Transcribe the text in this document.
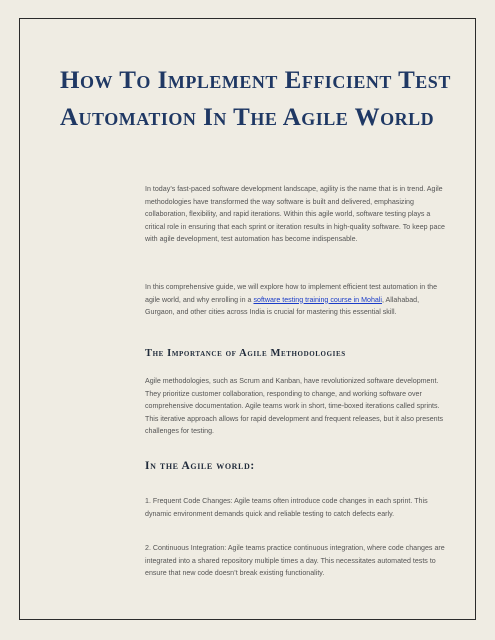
How To Implement Efficient Test Automation In The Agile World

In today’s fast-paced software development landscape, agility is the name that is in trend. Agile methodologies have transformed the way software is built and delivered, emphasizing collaboration, flexibility, and rapid iterations. Within this agile world, software testing plays a critical role in ensuring that each sprint or iteration results in high-quality software. To keep pace with agile development, test automation has become indispensable.

In this comprehensive guide, we will explore how to implement efficient test automation in the agile world, and why enrolling in a software testing training course in Mohali, Allahabad, Gurgaon, and other cities across India is crucial for mastering this essential skill.

The Importance of Agile Methodologies

Agile methodologies, such as Scrum and Kanban, have revolutionized software development. They prioritize customer collaboration, responding to change, and working software over comprehensive documentation. Agile teams work in short, time-boxed iterations called sprints. This iterative approach allows for rapid development and frequent releases, but it also presents challenges for testing.

In the Agile world:

1. Frequent Code Changes: Agile teams often introduce code changes in each sprint. This dynamic environment demands quick and reliable testing to catch defects early.

2. Continuous Integration: Agile teams practice continuous integration, where code changes are integrated into a shared repository multiple times a day. This necessitates automated tests to ensure that new code doesn’t break existing functionality.
